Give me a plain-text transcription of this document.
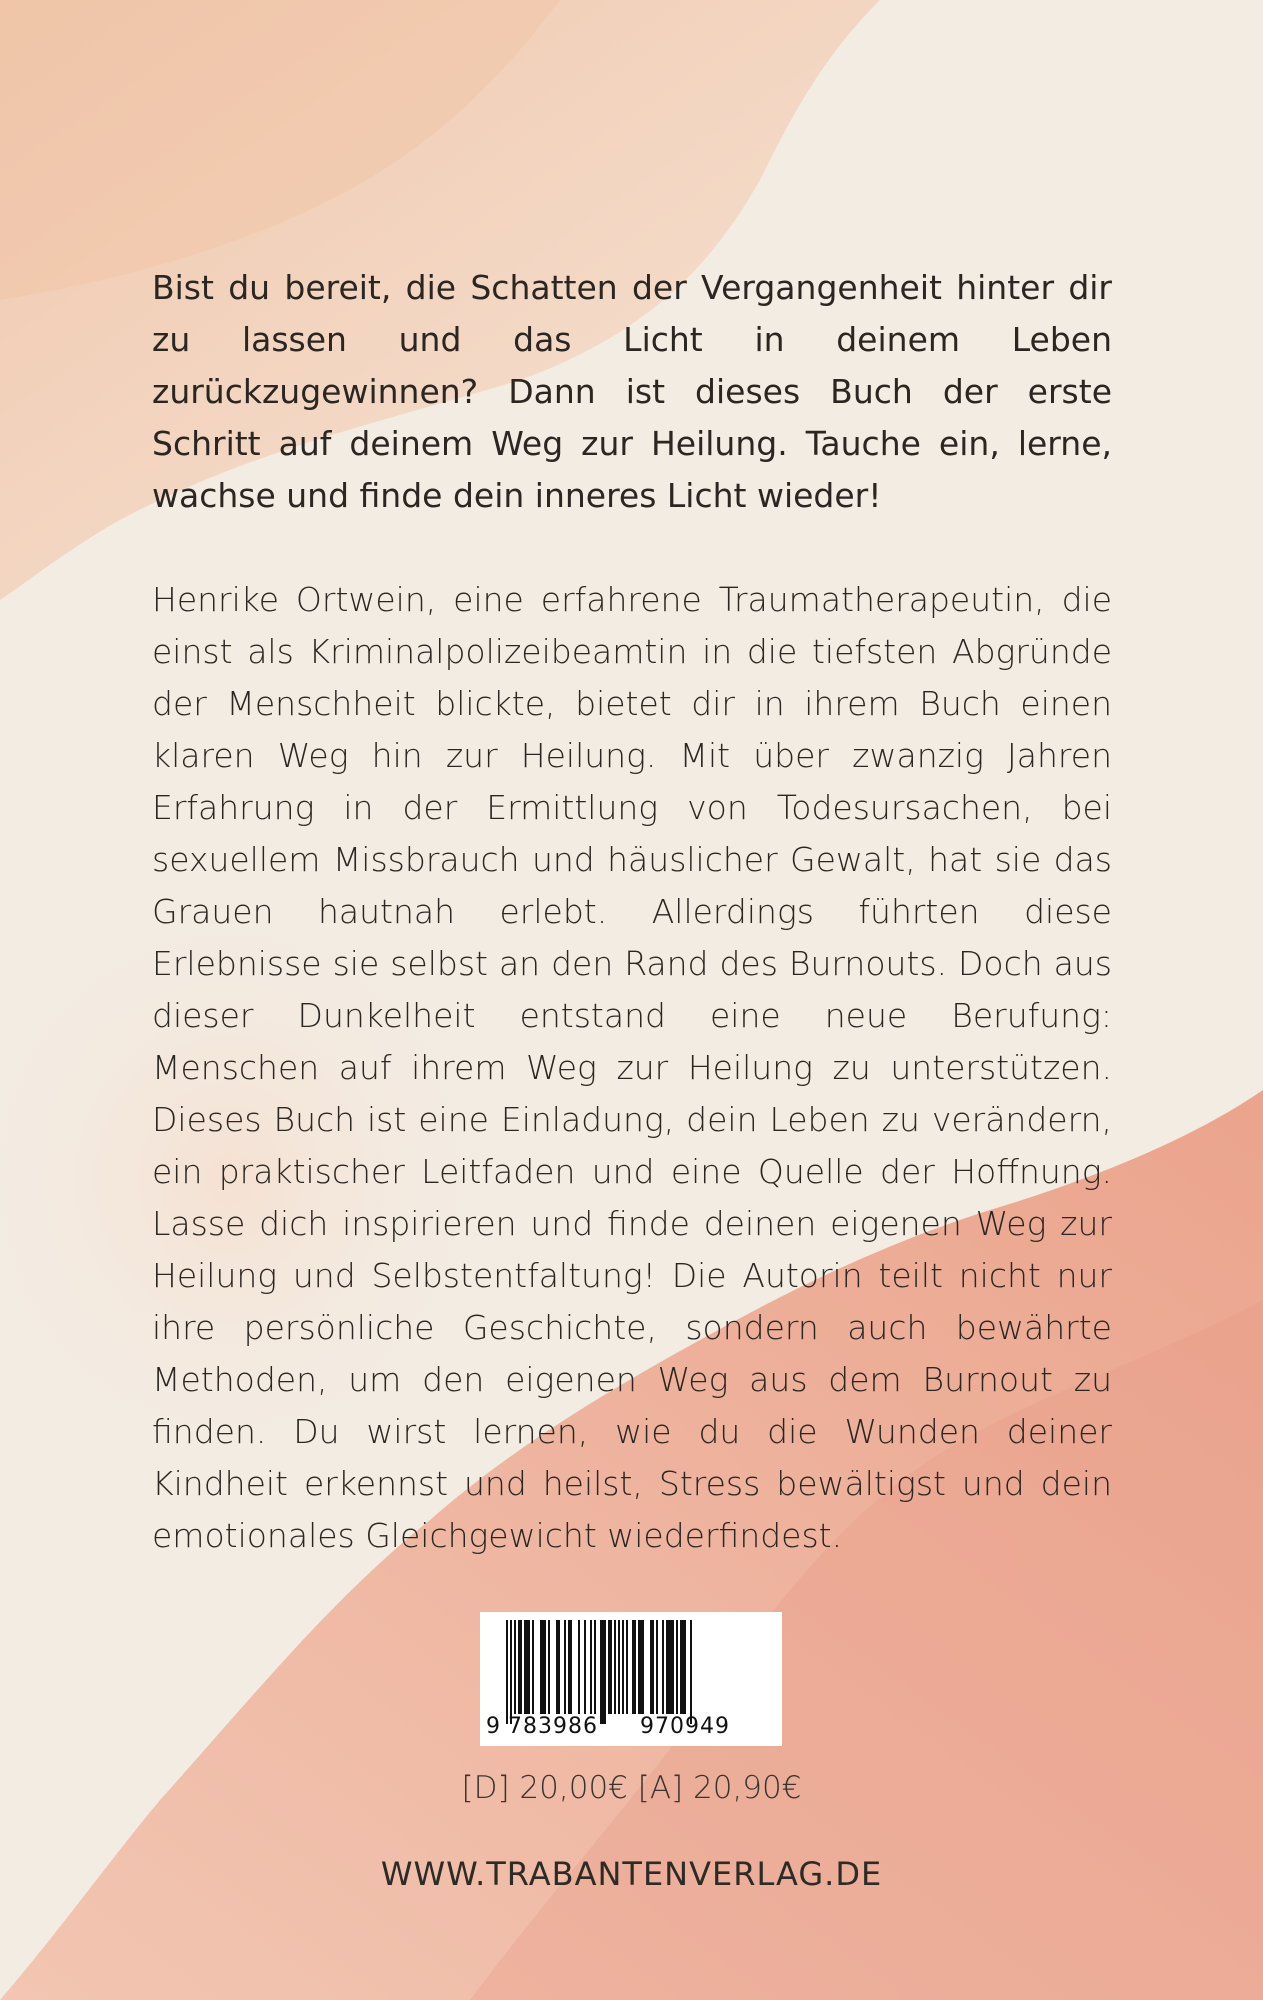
Bist du bereit, die Schatten der Vergangenheit hinter dir zu lassen und das Licht in deinem Leben zurückzugewinnen? Dann ist dieses Buch der erste Schritt auf deinem Weg zur Heilung. Tauche ein, lerne, wachse und finde dein inneres Licht wieder!

Henrike Ortwein, eine erfahrene Traumatherapeutin, die einst als Kriminalpolizeibeamtin in die tiefsten Abgründe der Menschheit blickte, bietet dir in ihrem Buch einen klaren Weg hin zur Heilung. Mit über zwanzig Jahren Erfahrung in der Ermittlung von Todesursachen, bei sexuellem Missbrauch und häuslicher Gewalt, hat sie das Grauen hautnah erlebt. Allerdings führten diese Erlebnisse sie selbst an den Rand des Burnouts. Doch aus dieser Dunkelheit entstand eine neue Berufung: Menschen auf ihrem Weg zur Heilung zu unterstützen. Dieses Buch ist eine Einladung, dein Leben zu verändern, ein praktischer Leitfaden und eine Quelle der Hoffnung. Lasse dich inspirieren und finde deinen eigenen Weg zur Heilung und Selbstentfaltung! Die Autorin teilt nicht nur ihre persönliche Geschichte, sondern auch bewährte Methoden, um den eigenen Weg aus dem Burnout zu finden. Du wirst lernen, wie du die Wunden deiner Kindheit erkennst und heilst, Stress bewältigst und dein emotionales Gleichgewicht wiederfindest.

9 783986 970949
[D] 20,00€ [A] 20,90€
WWW.TRABANTENVERLAG.DE
